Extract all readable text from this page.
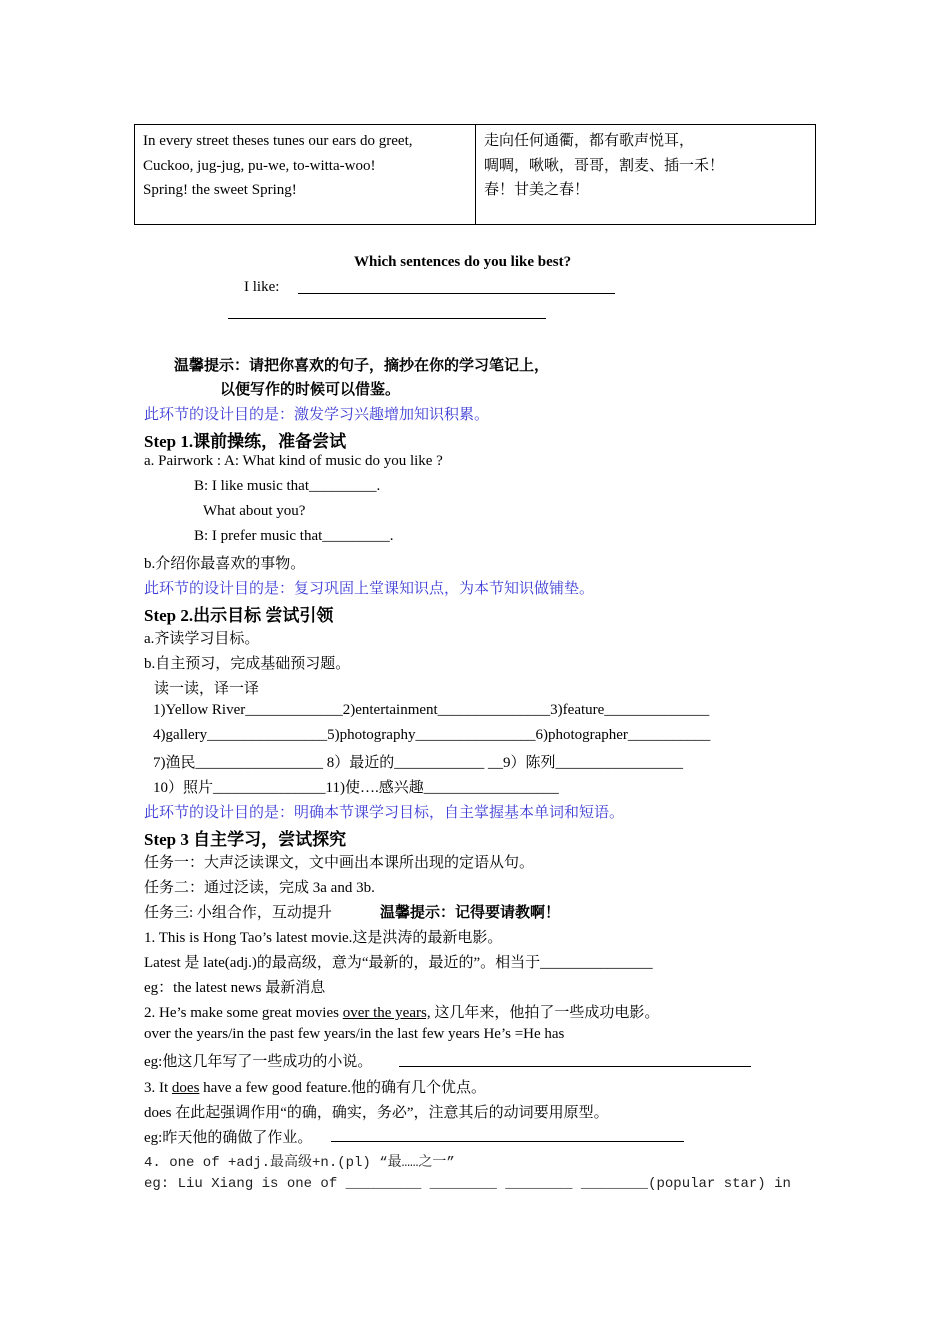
In every street theses tunes our ears do greet,
Cuckoo, jug-jug, pu-we, to-witta-woo!
Spring! the sweet Spring!

走向任何通衢，都有歌声悦耳，
啁啁，啾啾，哥哥，割麦、插一禾！
春！甘美之春！
Which sentences do you like best?
I like:
温馨提示：请把你喜欢的句子，摘抄在你的学习笔记上，
以便写作的时候可以借鉴。
此环节的设计目的是：激发学习兴趣增加知识积累。
Step 1.课前操练，准备尝试
a. Pairwork : A: What kind of music do you like ?
B: I like music that_________.
What about you?
B: I prefer music that_________.
b.介绍你最喜欢的事物。
此环节的设计目的是：复习巩固上堂课知识点，为本节知识做铺垫。
Step 2.出示目标 尝试引领
a.齐读学习目标。
b.自主预习，完成基础预习题。
读一读，译一译
1)Yellow River_____________2)entertainment_______________3)feature______________
4)gallery________________5)photography________________6)photographer___________
7)渔民_________________ 8）最近的____________ __9）陈列_________________
10）照片_______________11)使….感兴趣__________________
此环节的设计目的是：明确本节课学习目标，自主掌握基本单词和短语。
Step 3 自主学习，尝试探究
任务一：大声泛读课文，文中画出本课所出现的定语从句。
任务二：通过泛读，完成 3a and 3b.
任务三: 小组合作，互动提升	温馨提示：记得要请教啊！
1. This is Hong Tao’s latest movie.这是洪涛的最新电影。
Latest 是 late(adj.)的最高级，意为“最新的，最近的”。相当于_______________
eg：the latest news 最新消息
2. He’s make some great movies over the years, 这几年来，他拍了一些成功电影。
over the years/in the past few years/in the last few years He’s =He has
eg:他这几年写了一些成功的小说。
3. It does have a few good feature.他的确有几个优点。
does 在此起强调作用“的确，确实，务必”，注意其后的动词要用原型。
eg:昨天他的确做了作业。
4. one of +adj.最高级+n.(pl) “最……之一”
eg: Liu Xiang is one of _________ ________ ________ ________(popular star) in
